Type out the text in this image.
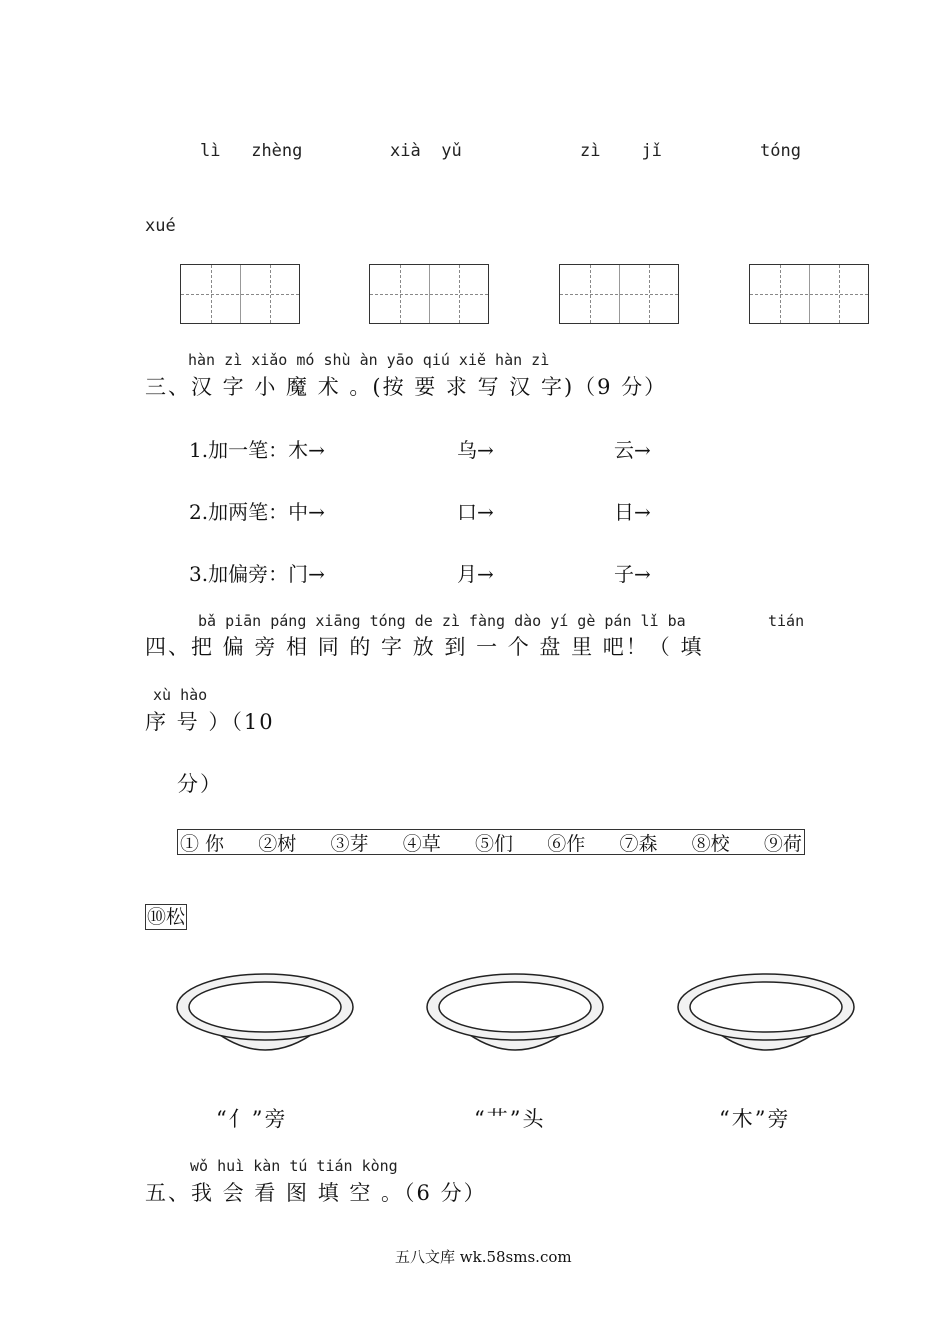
lì zhèng	xià yǔ	zì jǐ	tóng
xué
hàn zì xiǎo mó shù àn yāo qiú xiě hàn zì
三、汉 字 小 魔 术 。(按 要 求 写 汉 字)（9 分）
1.加一笔：木→	乌→	云→
2.加两笔：中→	口→	日→
3.加偏旁：门→	月→	子→
bǎ piān páng xiāng tóng de zì fàng dào yí gè pán lǐ ba	tián
四、把 偏 旁 相 同 的 字 放 到 一 个 盘 里 吧！（ 填
xù hào
序 号 ）（10
分）
① 你 ②树 ③芽 ④草 ⑤们 ⑥作 ⑦森 ⑧校 ⑨荷
⑩松
“亻”旁	“艹”头	“木”旁
wǒ huì kàn tú tián kòng
五、我 会 看 图 填 空 。（6 分）
五八文库 wk.58sms.com
